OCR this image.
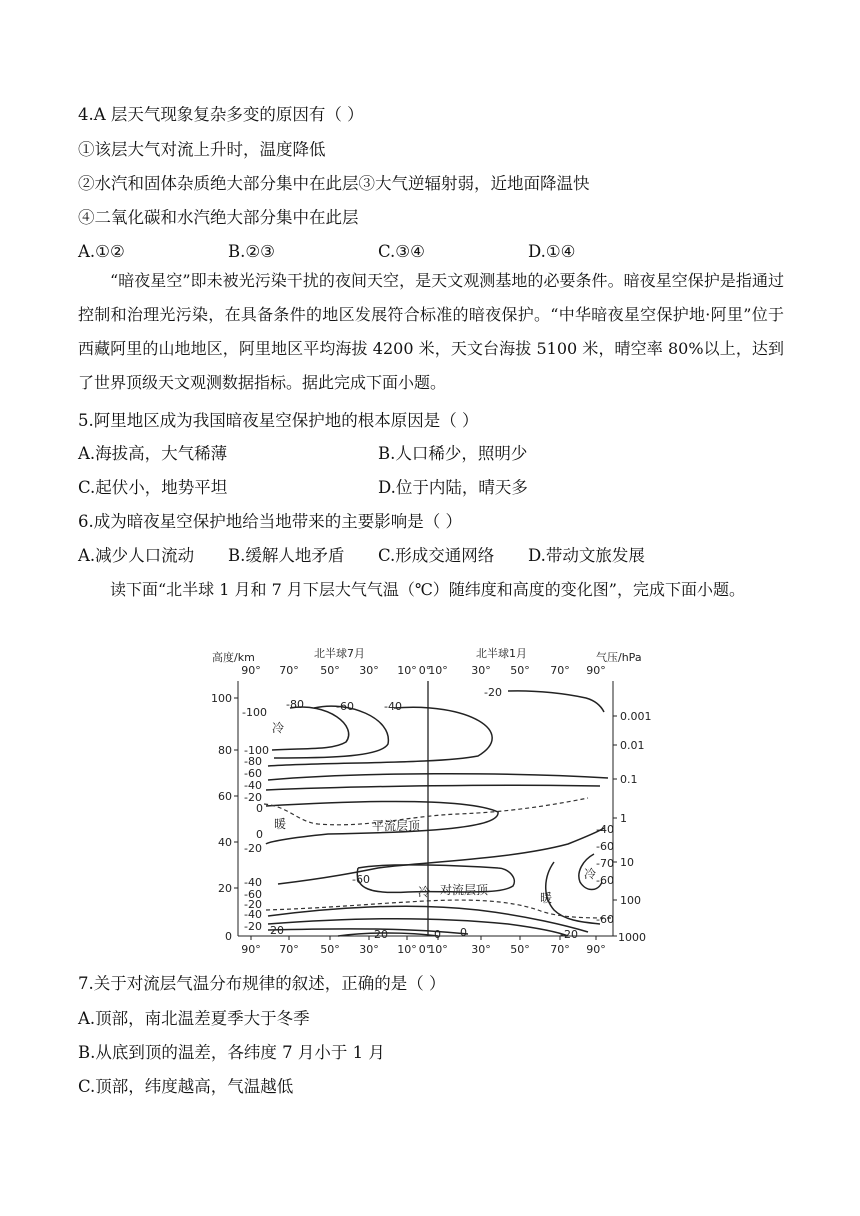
4.A 层天气现象复杂多变的原因有（ ）
①该层大气对流上升时，温度降低
②水汽和固体杂质绝大部分集中在此层③大气逆辐射弱，近地面降温快
④二氧化碳和水汽绝大部分集中在此层
A.①②	B.②③	C.③④	D.①④

“暗夜星空”即未被光污染干扰的夜间天空，是天文观测基地的必要条件。暗夜星空保护是指通过控制和治理光污染，在具备条件的地区发展符合标准的暗夜保护。“中华暗夜星空保护地·阿里”位于西藏阿里的山地地区，阿里地区平均海拔 4200 米，天文台海拔 5100 米，晴空率 80%以上，达到了世界顶级天文观测数据指标。据此完成下面小题。

5.阿里地区成为我国暗夜星空保护地的根本原因是（ ）
A.海拔高，大气稀薄	B.人口稀少，照明少
C.起伏小，地势平坦	D.位于内陆，晴天多
6.成为暗夜星空保护地给当地带来的主要影响是（ ）
A.减少人口流动 B.缓解人地矛盾 C.形成交通网络 D.带动文旅发展

读下面“北半球 1 月和 7 月下层大气气温（℃）随纬度和高度的变化图”，完成下面小题。

高度/km	北半球7月	北半球1月	气压/hPa
90° 70° 50° 30° 10° 0°
10° 30° 50° 70° 90°
100
80
60
40
20
0
0.001
0.01
0.1
1
10
100
1000
90° 70° 50° 30° 10° 0°
10° 30° 50° 70° 90°
-100
-80	-60	-40
-100
-80
-60
-40
-20
0
0
-20
-40
-40
-20
20
-20
0	-20
-40
-60
-60
-70
-60
-60
-20
-60
20	0
冷
暖	平流层顶
冷 对流层顶
暖
冷
7.关于对流层气温分布规律的叙述，正确的是（ ）
A.顶部，南北温差夏季大于冬季
B.从底到顶的温差，各纬度 7 月小于 1 月
C.顶部，纬度越高，气温越低
